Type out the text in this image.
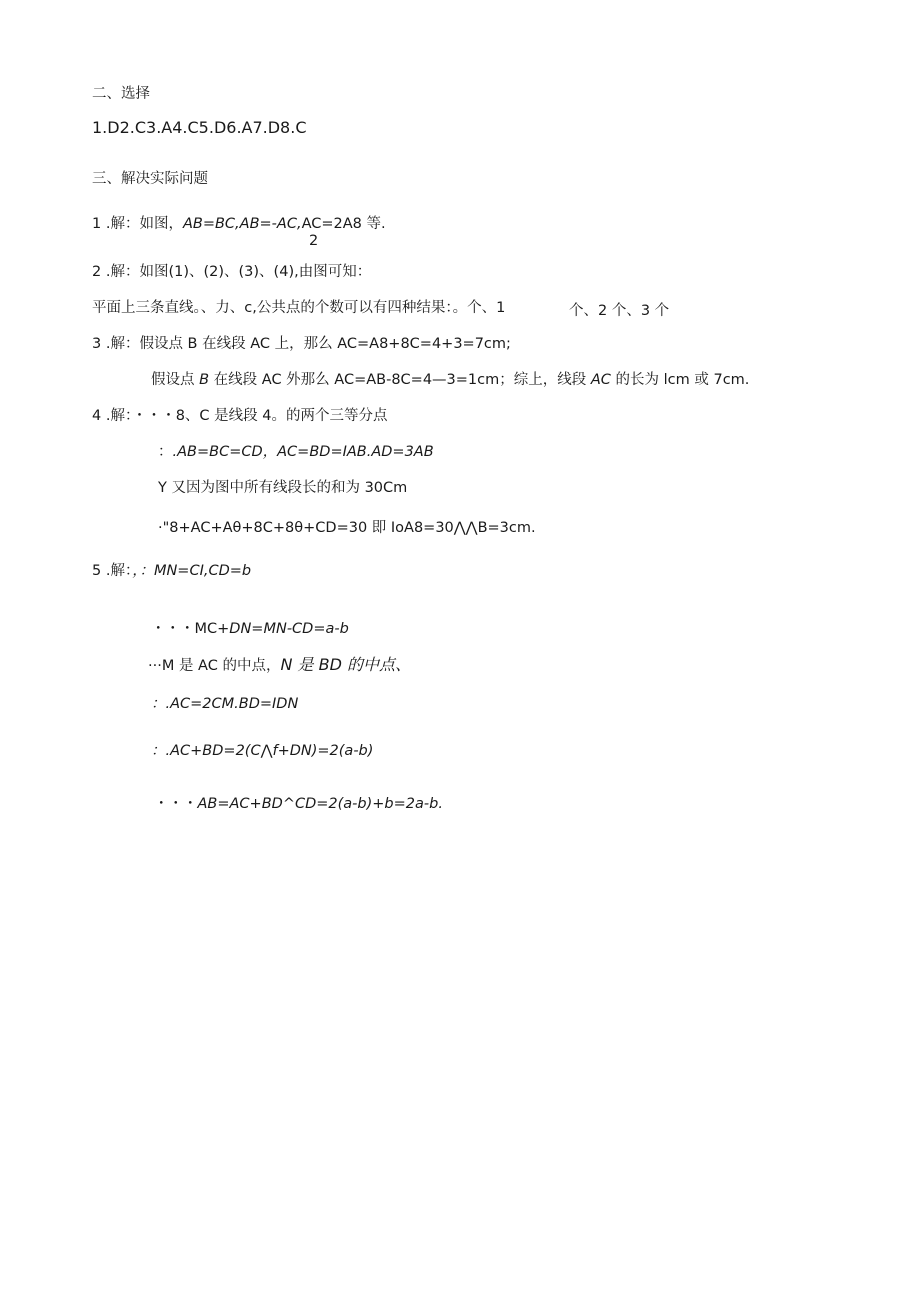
二、选择
1.D2.C3.A4.C5.D6.A7.D8.C
三、解决实际问题
1 .解：如图，AB=BC,AB=-AC,AC=2A8 等.
2
2 .解：如图(1)、(2)、(3)、(4),由图可知：
平面上三条直线。、力、c,公共点的个数可以有四种结果：。个、1	个、2 个、3 个
3 .解：假设点 B 在线段 AC 上，那么 AC=A8+8C=4+3=7cm;
假设点 B 在线段 AC 外那么 AC=AB-8C=4—3=1cm；综上，线段 AC 的长为 lcm 或 7cm.
4 .解：・・・8、C 是线段 4。的两个三等分点
：.AB=BC=CD，AC=BD=IAB.AD=3AB
Y 又因为图中所有线段长的和为 30Cm
·"8+AC+Aθ+8C+8θ+CD=30 即 IoA8=30⋀⋀B=3cm.
5 .解：，：MN=CI,CD=b
・・・MC+DN=MN-CD=a-b
···M 是 AC 的中点，N 是 BD 的中点、
：.AC=2CM.BD=IDN
：.AC+BD=2(C⋀f+DN)=2(a-b)
・・・AB=AC+BD^CD=2(a-b)+b=2a-b.
